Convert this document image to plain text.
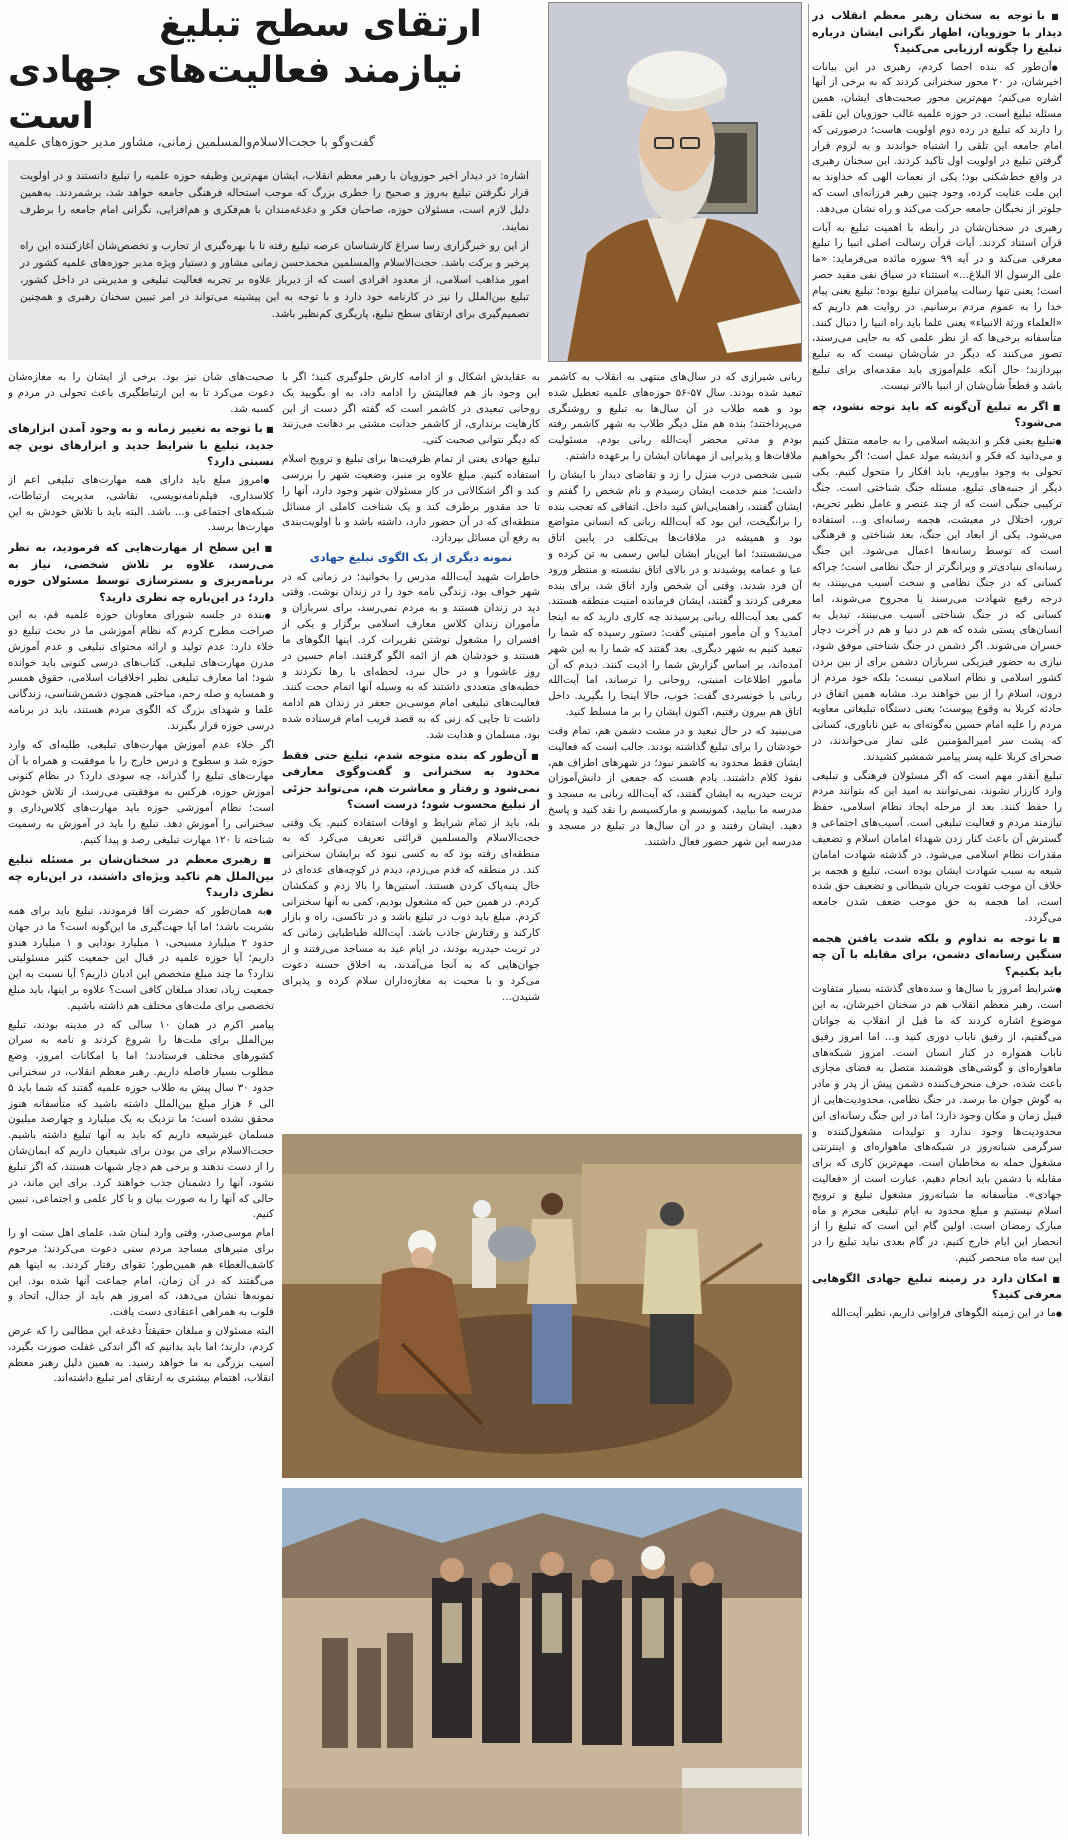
■ با توجه به سخنان رهبر معظم انقلاب در دیدار با حوزویان، اظهار نگرانی ایشان درباره تبلیغ را چگونه ارزیابی می‌کنید؟
● آن‌طور که بنده احصا کردم، رهبری در این بیانات اخیرشان، در ۲۰ محور سخنرانی کردند که به برخی از آنها اشاره می‌کنم؛ مهم‌ترین محور صحبت‌های ایشان، همین مسئله تبلیغ است. در حوزه علمیه غالب حوزویان این تلقی را دارند که تبلیغ در رده دوم اولویت هاست؛ درصورتی که امام جامعه این تلقی را اشتباه خواندند و به لزوم قرار گرفتن تبلیغ در اولویت اول تاکید کردند. این سخنان رهبری در واقع خط‌شکنی بود؛ یکی از نعمات الهی که خداوند به این ملت عنایت کرده، وجود چنین رهبر فرزانه‌ای است که جلوتر از نخبگان جامعه حرکت می‌کند و راه نشان می‌دهد.
رهبری در سخنان‌شان در رابطه با اهمیت تبلیغ به آیات قرآن استناد کردند. آیات قرآن رسالت اصلی انبیا را تبلیغ معرفی می‌کند و در آیه ۹۹ سوره مائده می‌فرماید: «ما علی الرسول الا البلاغ...» استثناء در سیاق نفی مفید حصر است؛ یعنی تنها رسالت پیامبران تبلیغ بوده؛ تبلیغ یعنی پیام خدا را به عموم مردم برسانیم. در روایت هم داریم که «العلماء ورثة الانبیاء» یعنی علما باید راه انبیا را دنبال کنند. متأسفانه برخی‌ها که از نظر علمی که به جایی می‌رسند، تصور می‌کنند که دیگر در شأن‌شان نیست که به تبلیغ بپردازند؛ حال آنکه علم‌آموزی باید مقدمه‌ای برای تبلیغ باشد و قطعاً شأن‌شان از انبیا بالاتر نیست.
■ اگر به تبلیغ آن‌گونه که باید توجه نشود، چه می‌شود؟
● تبلیغ یعنی فکر و اندیشه اسلامی را به جامعه منتقل کنیم و می‌دانید که فکر و اندیشه مولد عمل است؛ اگر بخواهیم تحولی به وجود بیاوریم، باید افکار را متحول کنیم. یکی دیگر از جنبه‌های تبلیغ، مسئله جنگ شناختی است. جنگ ترکیبی جنگی است که از چند عنصر و عامل نظیر تحریم، ترور، اختلال در معیشت، هجمه رسانه‌ای و... استفاده می‌شود. یکی از ابعاد این جنگ، بعد شناختی و فرهنگی است که توسط رسانه‌ها اعمال می‌شود. این جنگ رسانه‌ای بنیادی‌تر و ویرانگرتر از جنگ نظامی است؛ چراکه کسانی که در جنگ نظامی و سخت آسیب می‌بینند، به درجه رفیع شهادت می‌رسند یا مجروح می‌شوند، اما کسانی که در جنگ شناختی آسیب می‌بینند، تبدیل به انسان‌های پستی شده که هم در دنیا و هم در آخرت دچار خسران می‌شوند. اگر دشمن در جنگ شناختی موفق شود، نیازی به حضور فیزیکی سربازان دشمن برای از بین بردن کشور اسلامی و نظام اسلامی نیست؛ بلکه خود مردم از درون، اسلام را از بین خواهند برد. مشابه همین اتفاق در حادثه کربلا به وقوع پیوست؛ یعنی دستگاه تبلیغاتی معاویه مردم را علیه امام حسین به‌گونه‌ای به عین ناباوری، کسانی که پشت سر امیرالمؤمنین علی نماز می‌خواندند، در صحرای کربلا علیه پسر پیامبر شمشیر کشیدند.
تبلیغ آنقدر مهم است که اگر مسئولان فرهنگی و تبلیغی وارد کارزار نشوند، نمی‌توانند به امید این که بتوانند مردم را حفظ کنند. بعد از مرحله ایجاد نظام اسلامی، حفظ نیازمند مردم و فعالیت تبلیغی است. آسیب‌های اجتماعی و گسترش آن باعث کنار زدن شهداء امامان اسلام و تضعیف مقدرات نظام اسلامی می‌شود. در گذشته شهادت امامان شیعه به سبب شهادت ایشان بوده است، تبلیغ و هجمه بر خلاف آن موجب تقویت جریان شیطانی و تضعیف حق شده است، اما هجمه به حق موجب ضعف شدن جامعه می‌گردد.
■ با توجه به تداوم و بلکه شدت یافتن هجمه سنگین رسانه‌ای دشمن، برای مقابله با آن چه باید بکنیم؟
● شرایط امروز با سال‌ها و سده‌های گذشته بسیار متفاوت است. رهبر معظم انقلاب هم در سخنان اخیرشان، به این موضوع اشاره کردند که ما قبل از انقلاب به جوانان می‌گفتیم، از رفیق ناباب دوری کنید و... اما امروز رفیق ناباب همواره در کنار انسان است. امروز شبکه‌های ماهواره‌ای و گوشی‌های هوشمند متصل به فضای مجازی باعث شده، حرف منحرف‌کننده دشمن پیش از پدر و مادر به گوش جوان ما برسد. در جنگ نظامی، محدودیت‌هایی از قبیل زمان و مکان وجود دارد؛ اما در این جنگ رسانه‌ای این محدودیت‌ها وجود ندارد و تولیدات مشغول‌کننده و سرگرمی شبانه‌روز در شبکه‌های ماهواره‌ای و اینترنتی مشغول حمله به مخاطبان است. مهم‌ترین کاری که برای مقابله با دشمن باید انجام دهیم، عبارت است از «فعالیت جهادی». متأسفانه ما شبانه‌روز مشغول تبلیغ و ترویج اسلام نیستیم و مبلغ محدود به ایام تبلیغی محرم و ماه مبارک رمضان است. اولین گام این است که تبلیغ را از انحصار این ایام خارج کنیم. در گام بعدی نباید تبلیغ را در این سه ماه منحصر کنیم.
■ امکان دارد در زمینه تبلیغ جهادی الگوهایی معرفی کنید؟
● ما در این زمینه الگوهای فراوانی داریم، نظیر آیت‌الله
ارتقای سطح تبلیغ
نیازمند فعالیت‌های جهادی است
گفت‌وگو با حجت‌الاسلام‌والمسلمین زمانی، مشاور مدیر حوزه‌های علمیه

اشاره: در دیدار اخیر حوزویان با رهبر معظم انقلاب، ایشان مهم‌ترین وظیفه حوزه علمیه را تبلیغ دانستند و در اولویت قرار نگرفتن تبلیغ به‌روز و صحیح را خطری بزرگ که موجب استحاله فرهنگی جامعه خواهد شد، برشمردند. به‌همین دلیل لازم است، مسئولان حوزه، صاحبان فکر و دغدغه‌مندان با هم‌فکری و هم‌افزایی، نگرانی امام جامعه را برطرف نمایند.

از این رو خبرگزاری رسا سراغ کارشناسان عرصه تبلیغ رفته تا با بهره‌گیری از تجارب و تخصص‌شان آغازکننده این راه پرخیر و برکت باشد. حجت‌الاسلام والمسلمین محمدحسن زمانی مشاور و دستیار ویژه مدیر حوزه‌های علمیه کشور در امور مذاهب اسلامی، از معدود افرادی است که از دیرباز علاوه بر تجربه فعالیت تبلیغی و مدیریتی در داخل کشور، تبلیغ بین‌الملل را نیز در کارنامه خود دارد و با توجه به این پیشینه می‌تواند در امر تبیین سخنان رهبری و همچنین تصمیم‌گیری برای ارتقای سطح تبلیغ، پاریگری کم‌نظیر باشد.

ربانی شیرازی که در سال‌های منتهی به انقلاب به کاشمر تبعید شده بودند. سال ۵۷-۵۶ حوزه‌های علمیه تعطیل شده بود و همه طلاب در آن سال‌ها به تبلیغ و روشنگری می‌پرداختند؛ بنده هم مثل دیگر طلاب به شهر کاشمر رفته بودم و مدتی محضر آیت‌الله ربانی بودم. مسئولیت ملاقات‌ها و پذیرایی از مهمانان ایشان را برعهده داشتم.
شبی شخصی درب منزل را زد و تقاضای دیدار با ایشان را داشت؛ منم خدمت ایشان رسیدم و نام شخص را گفتم و ایشان گفتند، راهنمایی‌اش کنید داخل. اتفاقی که تعجب بنده را برانگیخت، این بود که آیت‌الله ربانی که انسانی متواضع بود و همیشه در ملاقات‌ها بی‌تکلف در پایین اتاق می‌نشستند؛ اما این‌بار ایشان لباس رسمی به تن کرده و عبا و عمامه پوشیدند و در بالای اتاق نشسته و منتظر ورود آن فرد شدند. وقتی آن شخص وارد اتاق شد، برای بنده معرفی کردند و گفتند، ایشان فرمانده امنیت منطقه هستند. کمی بعد آیت‌الله ربانی پرسیدند چه کاری دارید که به اینجا آمدید؟ و آن مأمور امنیتی گفت: دستور رسیده که شما را تبعید کنیم به شهر دیگری. بعد گفتند که شما را به این شهر آمده‌اند، بر اساس گزارش شما را اذیت کنند. دیدم که آن مأمور اطلاعات امنیتی، روحانی را ترساند، اما آیت‌الله ربانی با خونسردی گفت: خوب، حالا اینجا را بگیرید. داخل اتاق هم بیرون رفتیم، اکنون ایشان را بر ما مسلط کنید.
می‌بینید که در حال تبعید و در مشت دشمن هم، تمام وقت خودشان را برای تبلیغ گذاشته بودند. جالب است که فعالیت ایشان فقط محدود به کاشمر نبود؛ در شهرهای اطراف هم، نفوذ کلام داشتند. یادم هست که جمعی از دانش‌آموزان تربت حیدریه به ایشان گفتند، که آیت‌الله ربانی به مسجد و مدرسه ما بیایید، کمونیسم و مارکسیسم را نقد کنید و پاسخ دهید. ایشان رفتند و در آن سال‌ها در تبلیغ در مسجد و مدرسه این شهر حضور فعال داشتند.
به عقایدش اشکال و از ادامه کارش جلوگیری کنید؛ اگر با این وجود باز هم فعالیتش را ادامه داد، به او بگویید یک روحانی تبعیدی در کاشمر است که گفته اگر دست از این کارهایت برنداری، از کاشمر جدانت مشتی بر دهانت می‌زنند که دیگر نتوانی صحبت کنی.
تبلیغ جهادی یعنی از تمام ظرفیت‌ها برای تبلیغ و ترویج اسلام استفاده کنیم. مبلغ علاوه بر منبر، وضعیت شهر را بررسی کند و اگر اشکالاتی در کار مسئولان شهر وجود دارد، آنها را تا حد مقدور برطرف کند و یک شناخت کاملی از مسائل منطقه‌ای که در آن حضور دارد، داشته باشد و با اولویت‌بندی به رفع آن مسائل بپردازد.
نمونه دیگری از یک الگوی تبلیغ جهادی
خاطرات شهید آیت‌الله مدرس را بخوانید؛ در زمانی که در شهر خواف بود، زندگی نامه خود را در زندان نوشت. وقتی دید در زندان هستند و به مردم نمی‌رسد، برای سربازان و مأموران زندان کلاس معارف اسلامی برگزار و یکی از افسران را مشغول نوشتن تقریرات کرد. اینها الگوهای ما هستند و خودشان هم از ائمه الگو گرفتند. امام حسین در روز عاشورا و در حال نبرد، لحظه‌ای با رها نکردند و خطبه‌های متعددی داشتند که به وسیله آنها اتمام حجت کنند. فعالیت‌های تبلیغی امام موسی‌بن جعفر در زندان هم ادامه داشت تا جایی که زنی که به قصد فریب امام فرستاده شده بود، مسلمان و هدایت شد.
■ آن‌طور که بنده متوجه شدم، تبلیغ حتی فقط محدود به سخنرانی و گفت‌وگوی معارفی نمی‌شود و رفتار و معاشرت هم، می‌تواند جزئی از تبلیغ محسوب شود؛ درست است؟
بله، باید از تمام شرایط و اوقات استفاده کنیم. یک وقتی حجت‌الاسلام والمسلمین قرائتی تعریف می‌کرد که به منطقه‌ای رفته بود که به کسی نبود که برایشان سخنرانی کند. در منطقه که قدم می‌زدم، دیدم در کوچه‌های عده‌ای در حال پنبه‌پاک کردن هستند. آستین‌ها را بالا زدم و کمکشان کردم. در همین حین که مشغول بودیم، کمی به آنها سخنرانی کردم. مبلغ باید ذوب در تبلیغ باشد و در تاکسی، راه و بازار کارکند و رفتارش جاذب باشد. آیت‌الله طباطبایی زمانی که در تربت حیدریه بودند، در ایام عید به مساجد می‌رفتند و از جوان‌هایی که به آنجا می‌آمدند، به اخلاق حسنه دعوت می‌کرد و با محبت به مغازه‌داران سلام کرده و پذیرای شنیدن...
صحبت‌های شان نیز بود. برخی از ایشان را به مغازه‌شان دعوت می‌کرد تا به این ارتباطگیری باعث تحولی در مردم و کسبه شد.
■ با توجه به تغییر زمانه و به وجود آمدن ابزارهای جدید، تبلیغ با شرایط جدید و ابزارهای نوین چه نسبتی دارد؟
● امروز مبلغ باید دارای همه مهارت‌های تبلیغی اعم از کلاسداری، فیلم‌نامه‌نویسی، نقاشی، مدیریت ارتباطات، شبکه‌های اجتماعی و... باشد. البته باید با تلاش خودش به این مهارت‌ها برسد.
■ این سطح از مهارت‌هایی که فرمودید، به نظر می‌رسد، علاوه بر تلاش شخصی، نیاز به برنامه‌ریزی و بسترسازی توسط مسئولان حوزه دارد؛ در این‌باره چه نظری دارید؟
● بنده در جلسه شورای معاونان حوزه علمیه قم، به این صراحت مطرح کردم که نظام آموزشی ما در بحث تبلیغ دو خلاء دارد: عدم تولید و ارائه محتوای تبلیغی و عدم آموزش مدرن مهارت‌های تبلیغی. کتاب‌های درسی کنونی باید خوانده شود؛ اما معارف تبلیغی نظیر اخلاقیات اسلامی، حقوق همسر و همسایه و صله رحم، مباحثی همچون دشمن‌شناسی، زندگانی علما و شهدای بزرگ که الگوی مردم هستند، باید در برنامه درسی حوزه قرار بگیرند.
اگر خلاء عدم آموزش مهارت‌های تبلیغی، طلبه‌ای که وارد حوزه شد و سطوح و درس خارج را با موفقیت و همراه با آن مهارت‌های تبلیغ را گذراند، چه سودی دارد؟ در نظام کنونی آموزش حوزه، هرکس به موفقیتی می‌رسد، از تلاش خودش است؛ نظام آموزشی حوزه باید مهارت‌های کلاس‌داری و سخنرانی را آموزش دهد. تبلیغ را باید در آموزش به رسمیت شناخته تا ۱۲۰ مهارت تبلیغی رصد و پیدا کنیم.
■ رهبری معظم در سخنان‌شان بر مسئله تبلیغ بین‌الملل هم تاکید ویژه‌ای داشتند، در این‌باره چه نظری دارید؟
● به همان‌طور که حضرت آقا فرمودند، تبلیغ باید برای همه بشریت باشد؛ اما آیا جهت‌گیری ما این‌گونه است؟ ما در جهان حدود ۲ میلیارد مسیحی، ۱ میلیارد بودایی و ۱ میلیارد هندو داریم؛ آیا حوزه علمیه در قبال این جمعیت کثیر مسئولیتی ندارد؟ ما چند مبلغ متخصص این ادیان داریم؟ آیا نسبت به این جمعیت زیاد، تعداد مبلغان کافی است؟ علاوه بر اینها، باید مبلغ تخصصی برای ملت‌های مختلف هم داشته باشیم.
پیامبر اکرم در همان ۱۰ سالی که در مدینه بودند، تبلیغ بین‌الملل برای ملت‌ها را شروع کردند و نامه به سران کشورهای مختلف فرستادند؛ اما با امکانات امروز، وضع مطلوب بسیار فاصله داریم. رهبر معظم انقلاب، در سخنرانی حدود ۳۰ سال پیش به طلاب حوزه علمیه گفتند که شما باید ۵ الی ۶ هزار مبلغ بین‌الملل داشته باشید که متأسفانه هنوز محقق نشده است؛ ما نزدیک به یک میلیارد و چهارصد میلیون مسلمان غیرشیعه داریم که باید به آنها تبلیغ داشته باشیم. حجت‌الاسلام برای من بودن برای شیعیان داریم که ایمان‌شان را از دست ندهند و برخی هم دچار شبهات هستند، که اگر تبلیغ نشود، آنها را دشمنان جذب خواهند کرد. برای این ماند، در حالی که آنها را به صورت بیان و با کار علمی و اجتماعی، تبیین کنیم.
امام موسی‌صدر، وقتی وارد لبنان شد، علمای اهل سنت او را برای منبرهای مساجد مردم سنی دعوت می‌کردند؛ مرحوم کاشف‌الغطاء هم همین‌طور؛ تقوای رفتار کردند. به اینها هم می‌گفتند که در آن زمان، امام جماعت آنها شده بود. این نمونه‌ها نشان می‌دهد، که امروز هم باید از جدال، اتحاد و قلوب به همراهی اعتقادی دست یافت.
البته مسئولان و مبلغان حقیقتاً دغدغه این مطالبی را که عرض کردم، دارند؛ اما باید بدانیم که اگر اندکی غفلت صورت بگیرد، آسیب بزرگی به ما خواهد رسید. به همین دلیل رهبر معظم انقلاب، اهتمام بیشتری به ارتقای امر تبلیغ داشته‌اند.
